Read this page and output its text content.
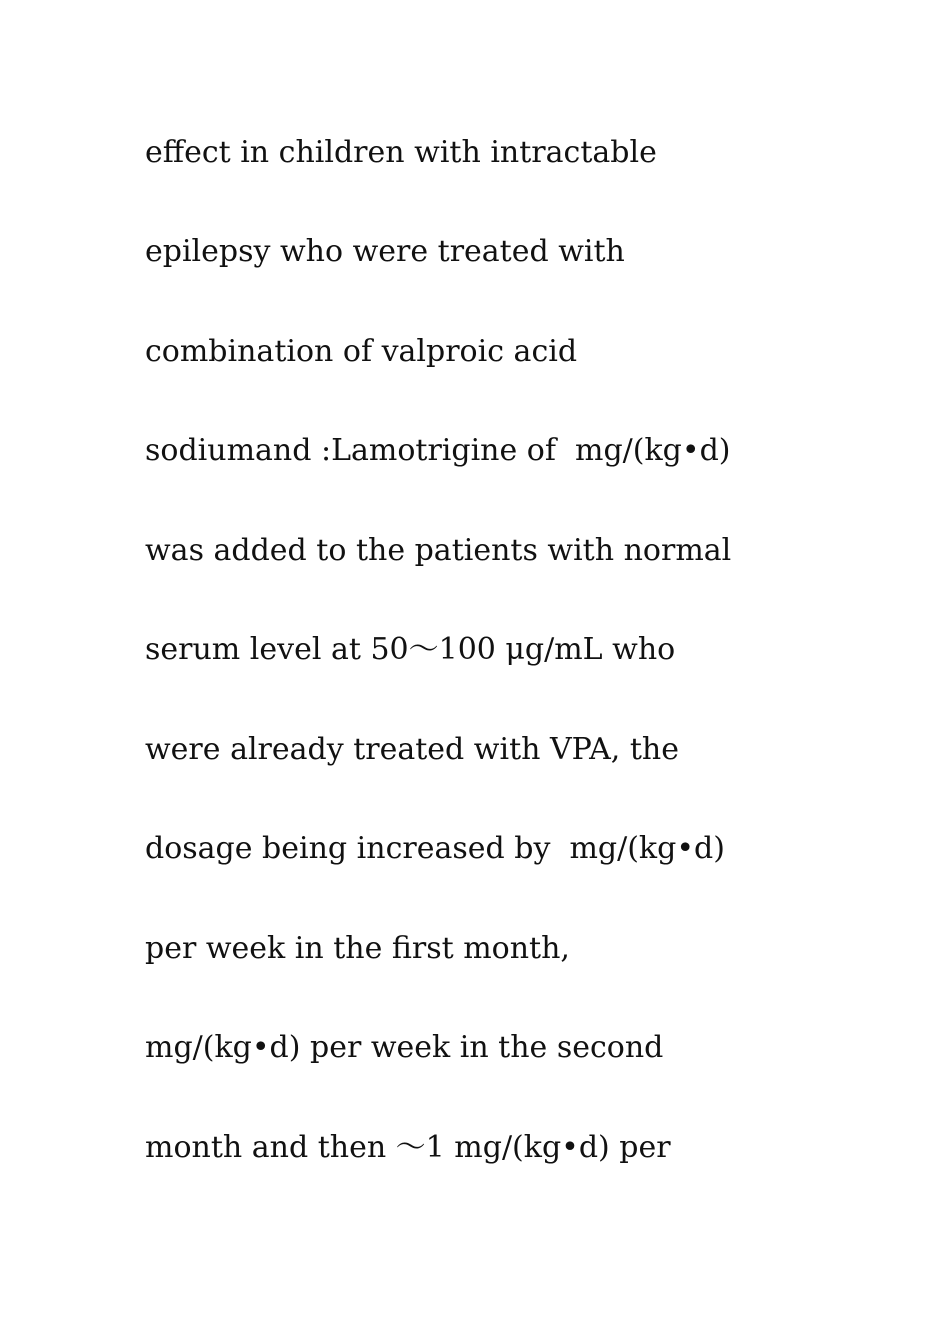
effect in children with intractable
epilepsy who were treated with
combination of valproic acid
sodiumand :Lamotrigine of  mg/(kg•d)
was added to the patients with normal
serum level at 50～100 μg/mL who
were already treated with VPA, the
dosage being increased by  mg/(kg•d)
per week in the first month,
mg/(kg•d) per week in the second
month and then ～1 mg/(kg•d) per
